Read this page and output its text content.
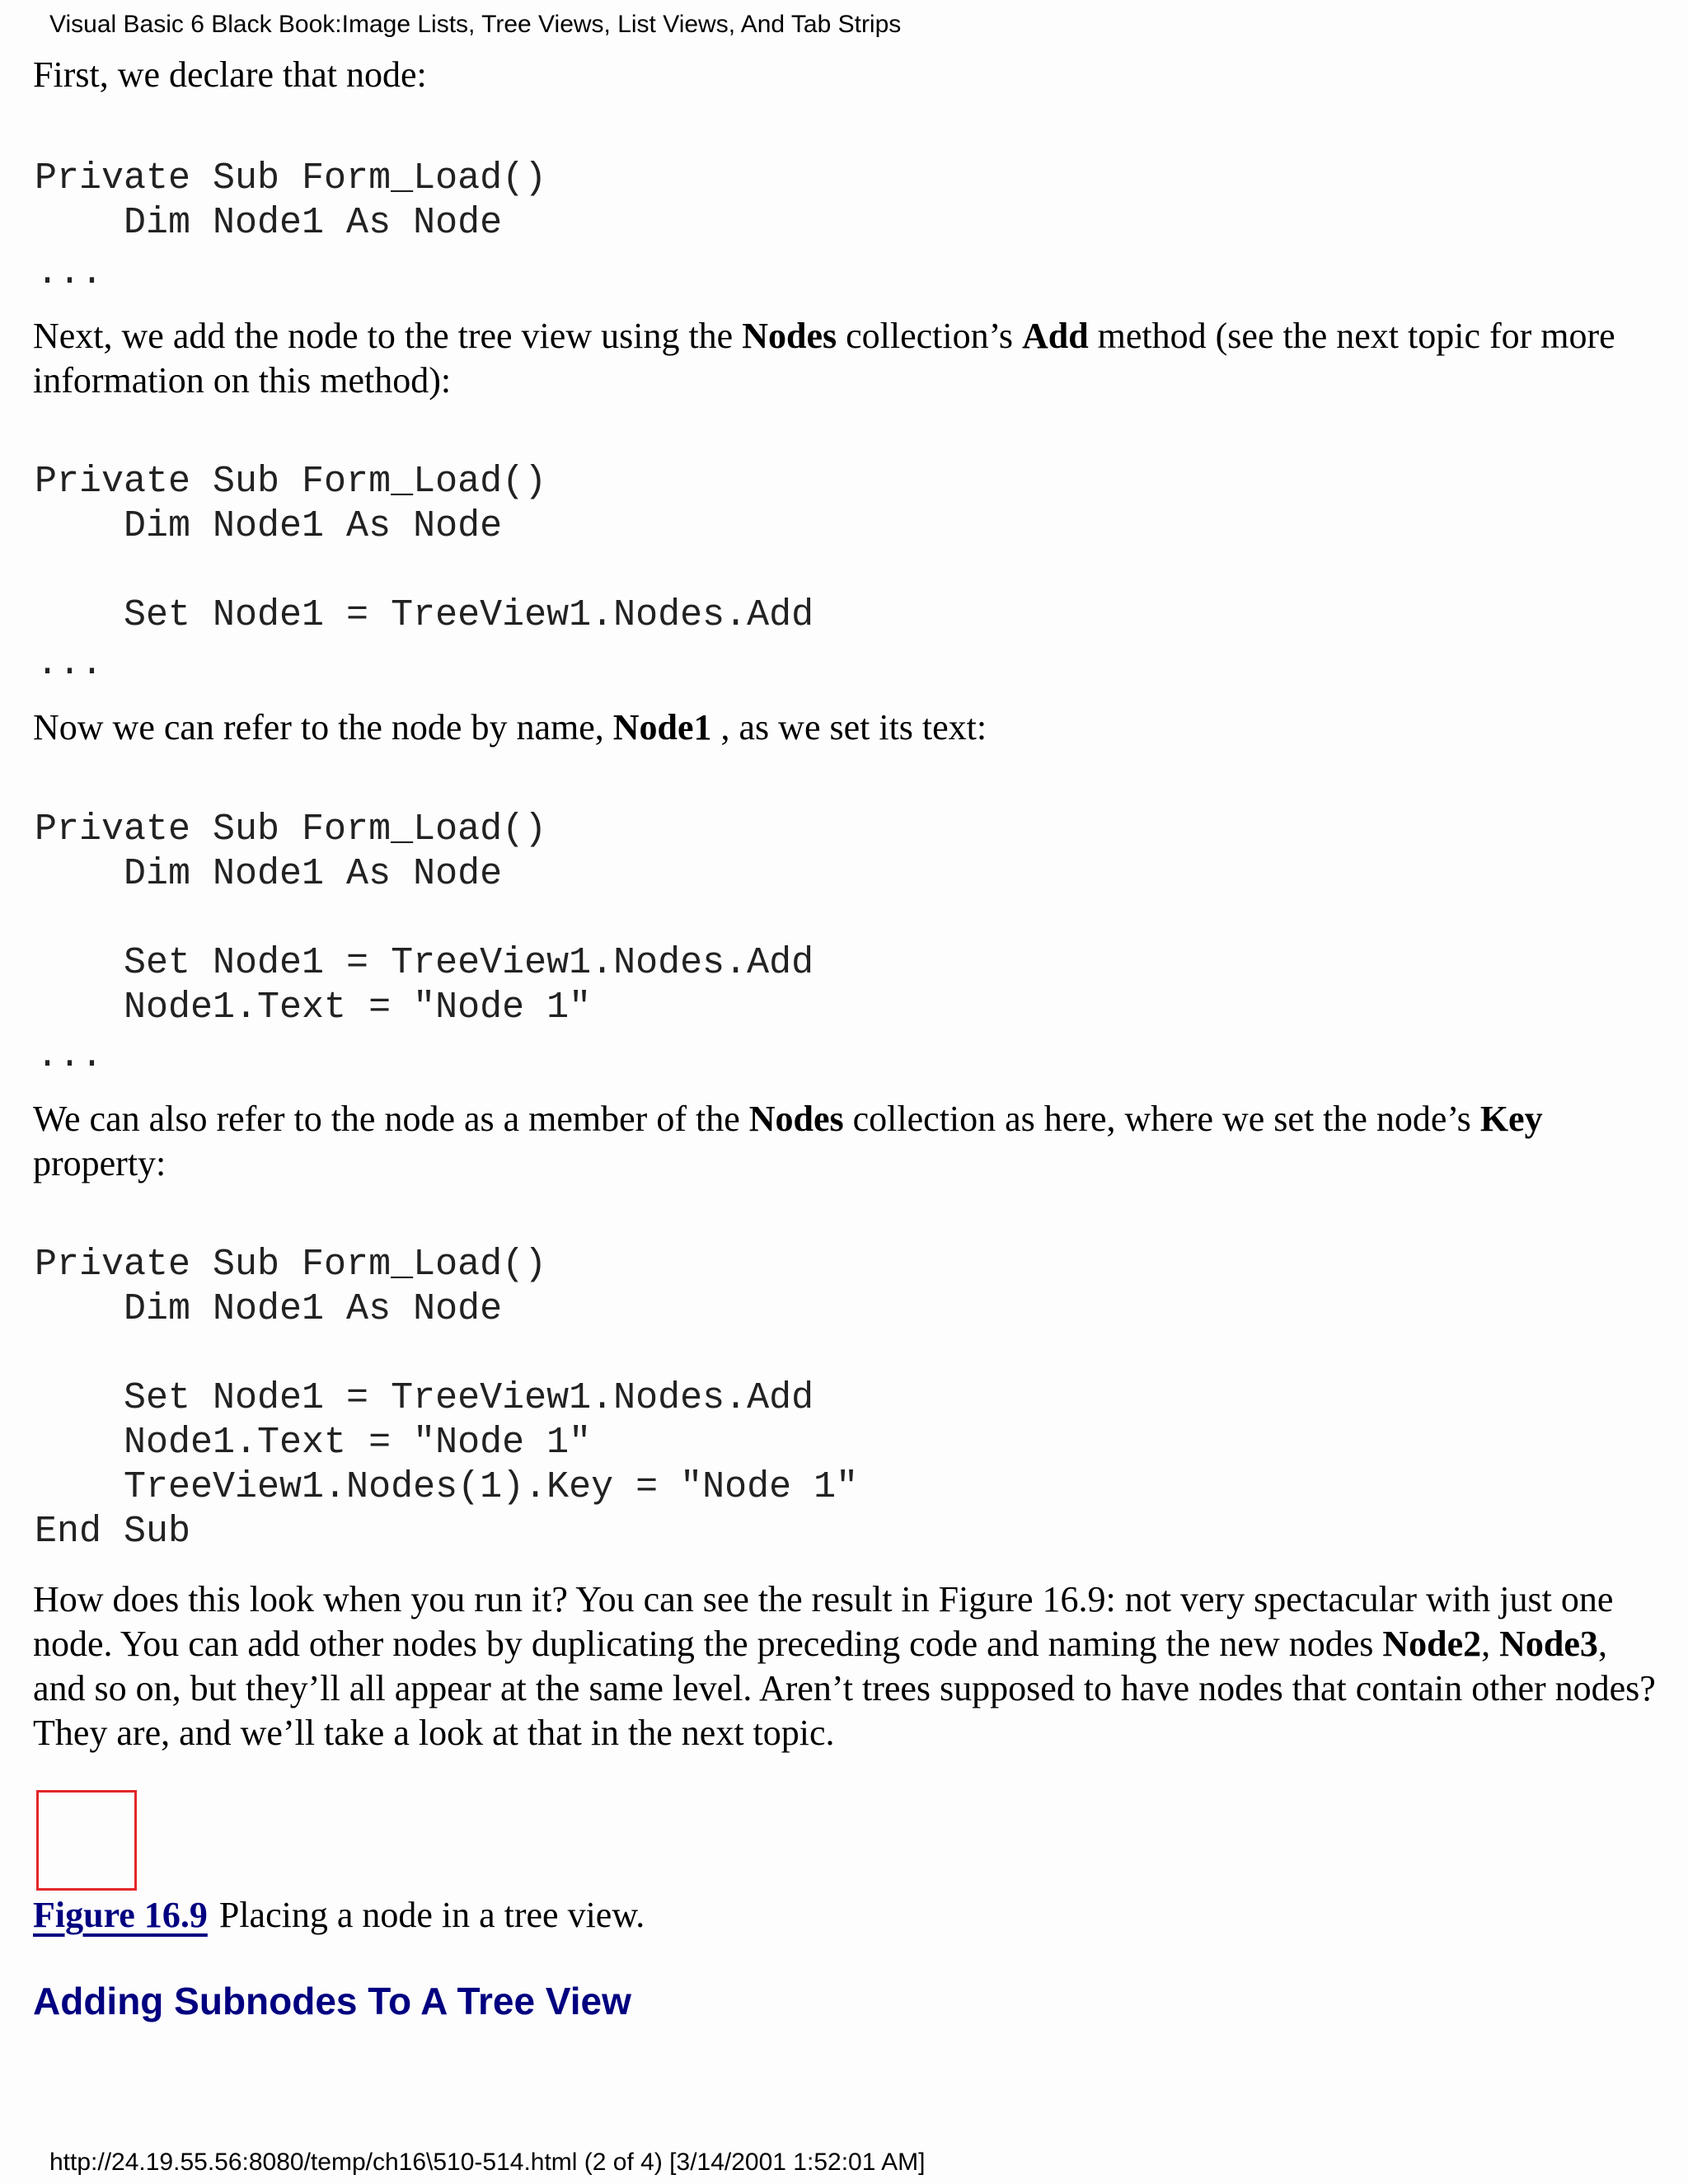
Visual Basic 6 Black Book:Image Lists, Tree Views, List Views, And Tab Strips

First, we declare that node:

Private Sub Form_Load()
Dim Node1 As Node
...

Next, we add the node to the tree view using the Nodes collection’s Add method (see the next topic for more information on this method):

Private Sub Form_Load()
Dim Node1 As Node

Set Node1 = TreeView1.Nodes.Add
...

Now we can refer to the node by name, Node1 , as we set its text:

Private Sub Form_Load()
Dim Node1 As Node

Set Node1 = TreeView1.Nodes.Add
Node1.Text = "Node 1"
...

We can also refer to the node as a member of the Nodes collection as here, where we set the node’s Key property:

Private Sub Form_Load()
Dim Node1 As Node

Set Node1 = TreeView1.Nodes.Add
Node1.Text = "Node 1"
TreeView1.Nodes(1).Key = "Node 1"
End Sub

How does this look when you run it? You can see the result in Figure 16.9: not very spectacular with just one node. You can add other nodes by duplicating the preceding code and naming the new nodes Node2, Node3, and so on, but they’ll all appear at the same level. Aren’t trees supposed to have nodes that contain other nodes? They are, and we’ll take a look at that in the next topic.

Figure 16.9 Placing a node in a tree view.
Adding Subnodes To A Tree View
http://24.19.55.56:8080/temp/ch16\510-514.html (2 of 4) [3/14/2001 1:52:01 AM]
